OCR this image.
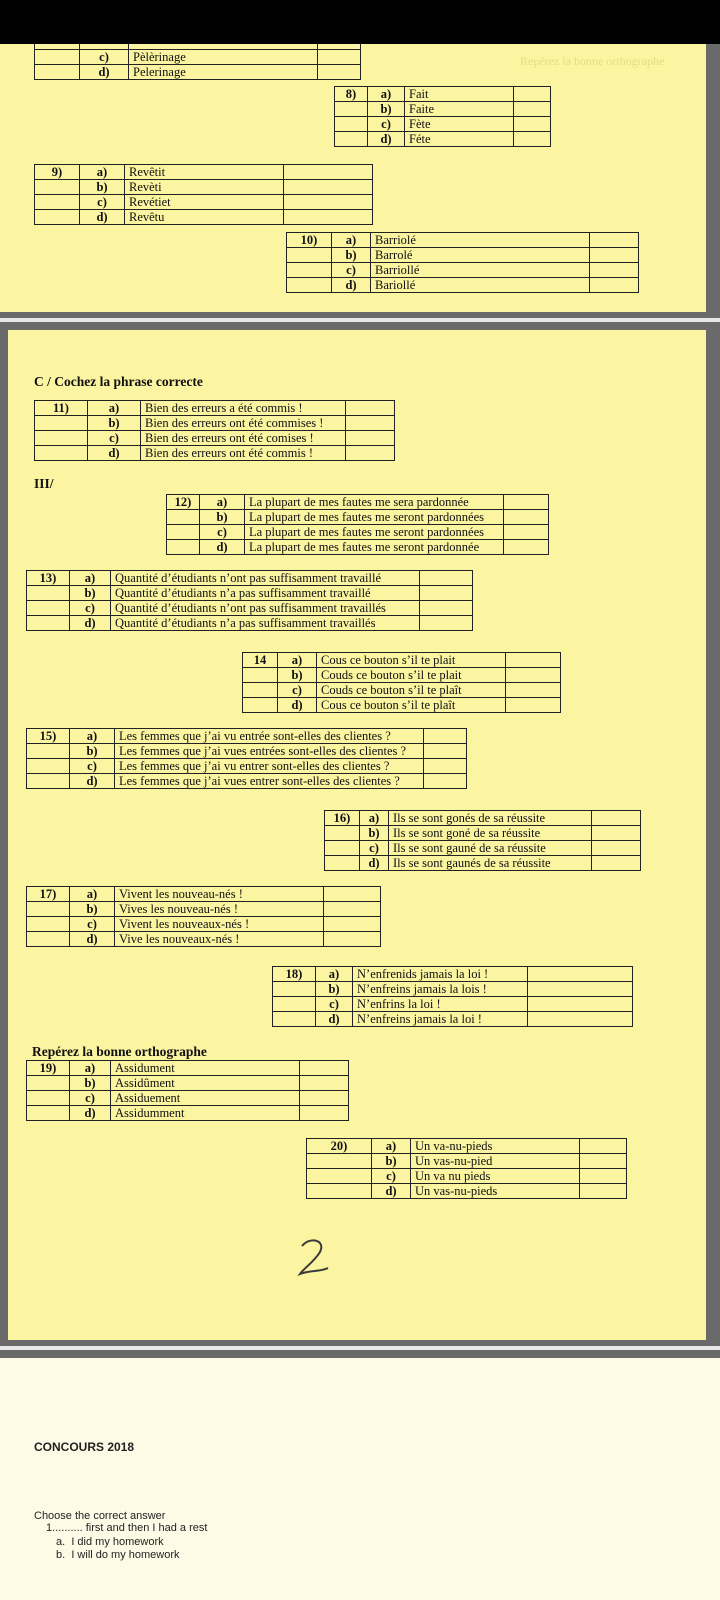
Repérez la bonne orthographe

	c)	Pèlèrinage	
	d)	Pelerinage	
8)	a)	Fait	
	b)	Faite	
	c)	Fète	
	d)	Féte	
9)	a)	Revêtit	
	b)	Revèti	
	c)	Revétiet	
	d)	Revêtu	
10)	a)	Barriolé	
	b)	Barrolé	
	c)	Barriollé	
	d)	Bariollé	
C / Cochez la phrase correcte
11)	a)	Bien des erreurs a été commis !	
	b)	Bien des erreurs ont été commises !	
	c)	Bien des erreurs ont été comises !	
	d)	Bien des erreurs ont été commis !	
III/
12)	a)	La plupart de mes fautes me sera pardonnée	
	b)	La plupart de mes fautes me seront pardonnées	
	c)	La plupart de mes fautes me seront pardonnées	
	d)	La plupart de mes fautes me seront pardonnée	
13)	a)	Quantité d’étudiants n’ont pas suffisamment travaillé	
	b)	Quantité d’étudiants n’a pas suffisamment travaillé	
	c)	Quantité d’étudiants n’ont pas suffisamment travaillés	
	d)	Quantité d’étudiants n’a pas suffisamment travaillés	
14	a)	Cous ce bouton s’il te plait	
	b)	Couds ce bouton s’il te plait	
	c)	Couds ce bouton s’il te plaît	
	d)	Cous ce bouton s’il te plaît	
15)	a)	Les femmes que j’ai vu entrée sont-elles des clientes ?	
	b)	Les femmes que j’ai vues entrées sont-elles des clientes ?	
	c)	Les femmes que j’ai vu entrer sont-elles des clientes ?	
	d)	Les femmes que j’ai vues entrer sont-elles des clientes ?	
16)	a)	Ils se sont gonés de sa réussite	
	b)	Ils se sont goné de sa réussite	
	c)	Ils se sont gauné de sa réussite	
	d)	Ils se sont gaunés de sa réussite	
17)	a)	Vivent les nouveau-nés !	
	b)	Vives les nouveau-nés !	
	c)	Vivent les nouveaux-nés !	
	d)	Vive les nouveaux-nés !	
18)	a)	N’enfrenids jamais la loi !	
	b)	N’enfreins jamais la lois !	
	c)	N’enfrins la loi !	
	d)	N’enfreins jamais la loi !	
Repérez la bonne orthographe
19)	a)	Assidument	
	b)	Assidûment	
	c)	Assiduement	
	d)	Assidumment	
20)	a)	Un va-nu-pieds	
	b)	Un vas-nu-pied	
	c)	Un va nu pieds	
	d)	Un vas-nu-pieds	
CONCOURS 2018
Choose the correct answer
1.......... first and then I had a rest
a. I did my homework
b. I will do my homework
